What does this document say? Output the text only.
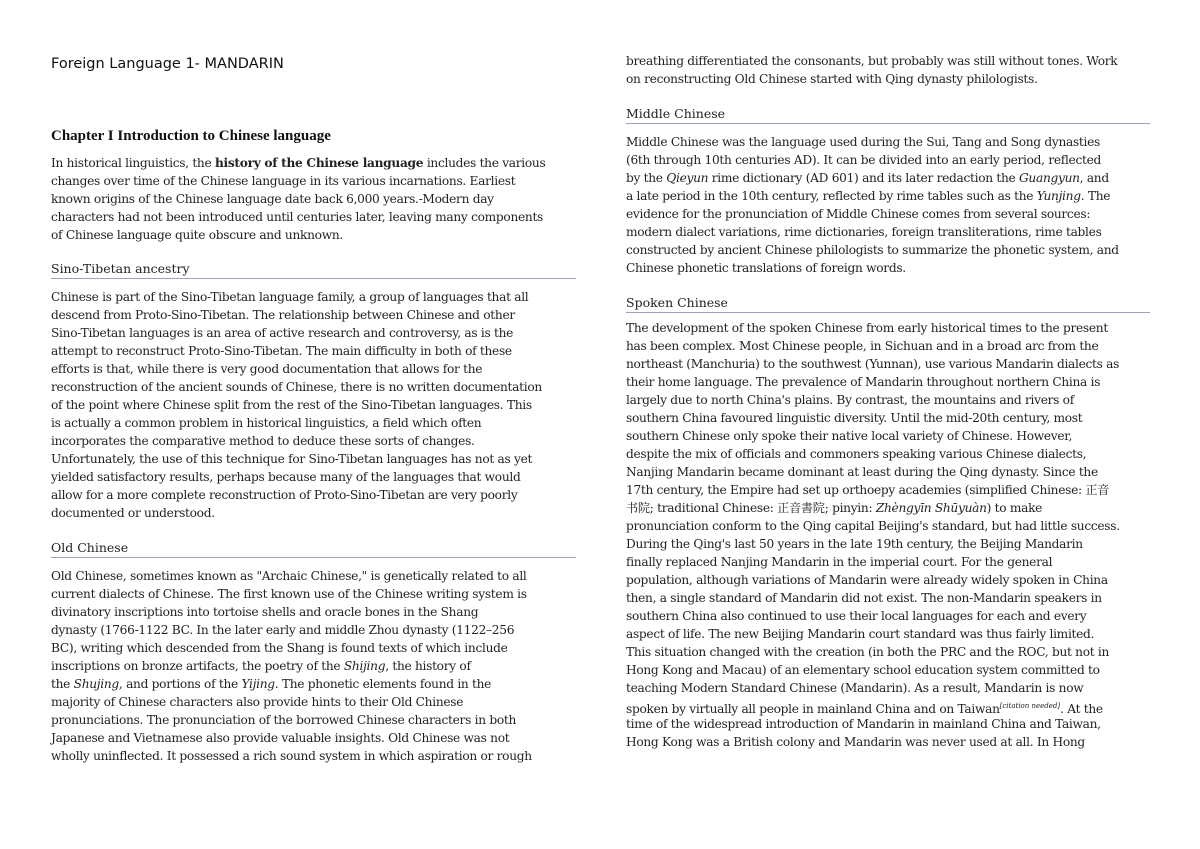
Foreign Language 1- MANDARIN
Chapter I Introduction to Chinese language
In historical linguistics, the history of the Chinese language includes the various
changes over time of the Chinese language in its various incarnations. Earliest
known origins of the Chinese language date back 6,000 years.-Modern day
characters had not been introduced until centuries later, leaving many components
of Chinese language quite obscure and unknown.
Sino-Tibetan ancestry
Chinese is part of the Sino-Tibetan language family, a group of languages that all
descend from Proto-Sino-Tibetan. The relationship between Chinese and other
Sino-Tibetan languages is an area of active research and controversy, as is the
attempt to reconstruct Proto-Sino-Tibetan. The main difficulty in both of these
efforts is that, while there is very good documentation that allows for the
reconstruction of the ancient sounds of Chinese, there is no written documentation
of the point where Chinese split from the rest of the Sino-Tibetan languages. This
is actually a common problem in historical linguistics, a field which often
incorporates the comparative method to deduce these sorts of changes.
Unfortunately, the use of this technique for Sino-Tibetan languages has not as yet
yielded satisfactory results, perhaps because many of the languages that would
allow for a more complete reconstruction of Proto-Sino-Tibetan are very poorly
documented or understood.
Old Chinese
Old Chinese, sometimes known as "Archaic Chinese," is genetically related to all
current dialects of Chinese. The first known use of the Chinese writing system is
divinatory inscriptions into tortoise shells and oracle bones in the Shang
dynasty (1766-1122 BC. In the later early and middle Zhou dynasty (1122–256
BC), writing which descended from the Shang is found texts of which include
inscriptions on bronze artifacts, the poetry of the Shijing, the history of
the Shujing, and portions of the Yijing. The phonetic elements found in the
majority of Chinese characters also provide hints to their Old Chinese
pronunciations. The pronunciation of the borrowed Chinese characters in both
Japanese and Vietnamese also provide valuable insights. Old Chinese was not
wholly uninflected. It possessed a rich sound system in which aspiration or rough
breathing differentiated the consonants, but probably was still without tones. Work
on reconstructing Old Chinese started with Qing dynasty philologists.
Middle Chinese
Middle Chinese was the language used during the Sui, Tang and Song dynasties
(6th through 10th centuries AD). It can be divided into an early period, reflected
by the Qieyun rime dictionary (AD 601) and its later redaction the Guangyun, and
a late period in the 10th century, reflected by rime tables such as the Yunjing. The
evidence for the pronunciation of Middle Chinese comes from several sources:
modern dialect variations, rime dictionaries, foreign transliterations, rime tables
constructed by ancient Chinese philologists to summarize the phonetic system, and
Chinese phonetic translations of foreign words.
Spoken Chinese
The development of the spoken Chinese from early historical times to the present
has been complex. Most Chinese people, in Sichuan and in a broad arc from the
northeast (Manchuria) to the southwest (Yunnan), use various Mandarin dialects as
their home language. The prevalence of Mandarin throughout northern China is
largely due to north China's plains. By contrast, the mountains and rivers of
southern China favoured linguistic diversity. Until the mid-20th century, most
southern Chinese only spoke their native local variety of Chinese. However,
despite the mix of officials and commoners speaking various Chinese dialects,
Nanjing Mandarin became dominant at least during the Qing dynasty. Since the
17th century, the Empire had set up orthoepy academies (simplified Chinese: 正音
书院; traditional Chinese: 正音書院; pinyin: Zhèngyīn Shūyuàn) to make
pronunciation conform to the Qing capital Beijing's standard, but had little success.
During the Qing's last 50 years in the late 19th century, the Beijing Mandarin
finally replaced Nanjing Mandarin in the imperial court. For the general
population, although variations of Mandarin were already widely spoken in China
then, a single standard of Mandarin did not exist. The non-Mandarin speakers in
southern China also continued to use their local languages for each and every
aspect of life. The new Beijing Mandarin court standard was thus fairly limited.
This situation changed with the creation (in both the PRC and the ROC, but not in
Hong Kong and Macau) of an elementary school education system committed to
teaching Modern Standard Chinese (Mandarin). As a result, Mandarin is now
spoken by virtually all people in mainland China and on Taiwan[citation needed]. At the
time of the widespread introduction of Mandarin in mainland China and Taiwan,
Hong Kong was a British colony and Mandarin was never used at all. In Hong
